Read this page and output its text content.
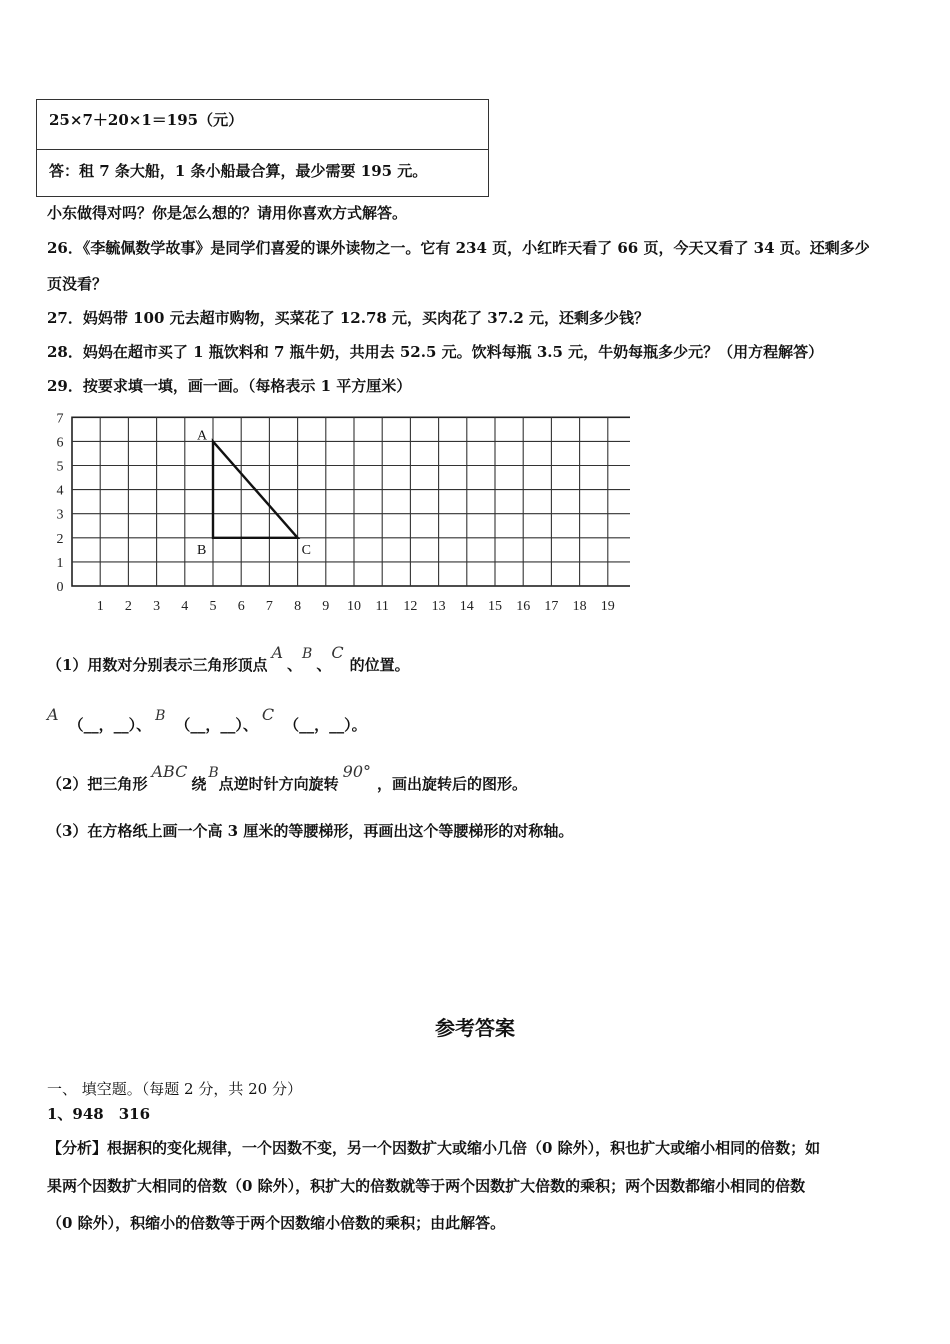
25×7＋20×1＝195（元）
答：租 7 条大船，1 条小船最合算，最少需要 195 元。
小东做得对吗？你是怎么想的？请用你喜欢方式解答。
26．《李毓佩数学故事》是同学们喜爱的课外读物之一。它有 234 页，小红昨天看了 66 页，今天又看了 34 页。还剩多少
页没看？
27．妈妈带 100 元去超市购物，买菜花了 12.78 元，买肉花了 37.2 元，还剩多少钱？
28．妈妈在超市买了 1 瓶饮料和 7 瓶牛奶，共用去 52.5 元。饮料每瓶 3.5 元，牛奶每瓶多少元？（用方程解答）
29．按要求填一填，画一画。（每格表示 1 平方厘米）
1 2 3 4 5 6 7 8 9 10 11 12 13 14 15 16 17 18 19
0
1
2
3
4
5
6
7
A
B	C
（1）用数对分别表示三角形顶点A、B、C的位置。
A（__，__）、 B （__，__）、C（__，__）。
（2）把三角形ABC绕B点逆时针方向旋转90°，画出旋转后的图形。
（3）在方格纸上画一个高 3 厘米的等腰梯形，再画出这个等腰梯形的对称轴。
参考答案
一、 填空题。（每题 2 分，共 20 分）
1、948　316
【分析】根据积的变化规律，一个因数不变，另一个因数扩大或缩小几倍（0 除外），积也扩大或缩小相同的倍数；如
果两个因数扩大相同的倍数（0 除外），积扩大的倍数就等于两个因数扩大倍数的乘积；两个因数都缩小相同的倍数
（0 除外），积缩小的倍数等于两个因数缩小倍数的乘积；由此解答。
